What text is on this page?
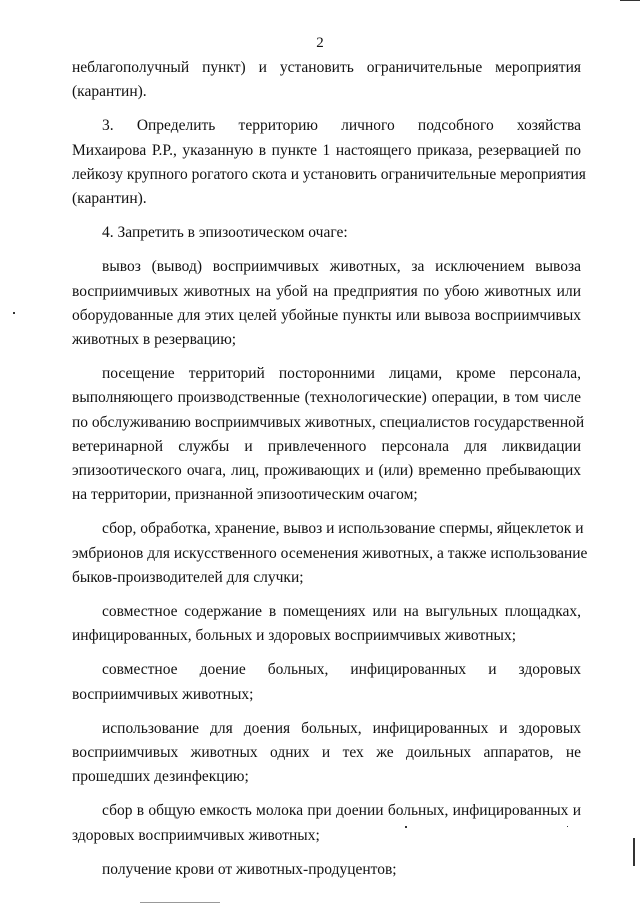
2
неблагополучный пункт) и установить ограничительные мероприятия
(карантин).
3. Определить территорию личного подсобного хозяйства
Михаирова Р.Р., указанную в пункте 1 настоящего приказа, резервацией по
лейкозу крупного рогатого скота и установить ограничительные мероприятия
(карантин).
4. Запретить в эпизоотическом очаге:
вывоз (вывод) восприимчивых животных, за исключением вывоза
восприимчивых животных на убой на предприятия по убою животных или
оборудованные для этих целей убойные пункты или вывоза восприимчивых
животных в резервацию;
посещение территорий посторонними лицами, кроме персонала,
выполняющего производственные (технологические) операции, в том числе
по обслуживанию восприимчивых животных, специалистов государственной
ветеринарной службы и привлеченного персонала для ликвидации
эпизоотического очага, лиц, проживающих и (или) временно пребывающих
на территории, признанной эпизоотическим очагом;
сбор, обработка, хранение, вывоз и использование спермы, яйцеклеток и
эмбрионов для искусственного осеменения животных, а также использование
быков-производителей для случки;
совместное содержание в помещениях или на выгульных площадках,
инфицированных, больных и здоровых восприимчивых животных;
совместное доение больных, инфицированных и здоровых
восприимчивых животных;
использование для доения больных, инфицированных и здоровых
восприимчивых животных одних и тех же доильных аппаратов, не
прошедших дезинфекцию;
сбор в общую емкость молока при доении больных, инфицированных и
здоровых восприимчивых животных;
получение крови от животных-продуцентов;
